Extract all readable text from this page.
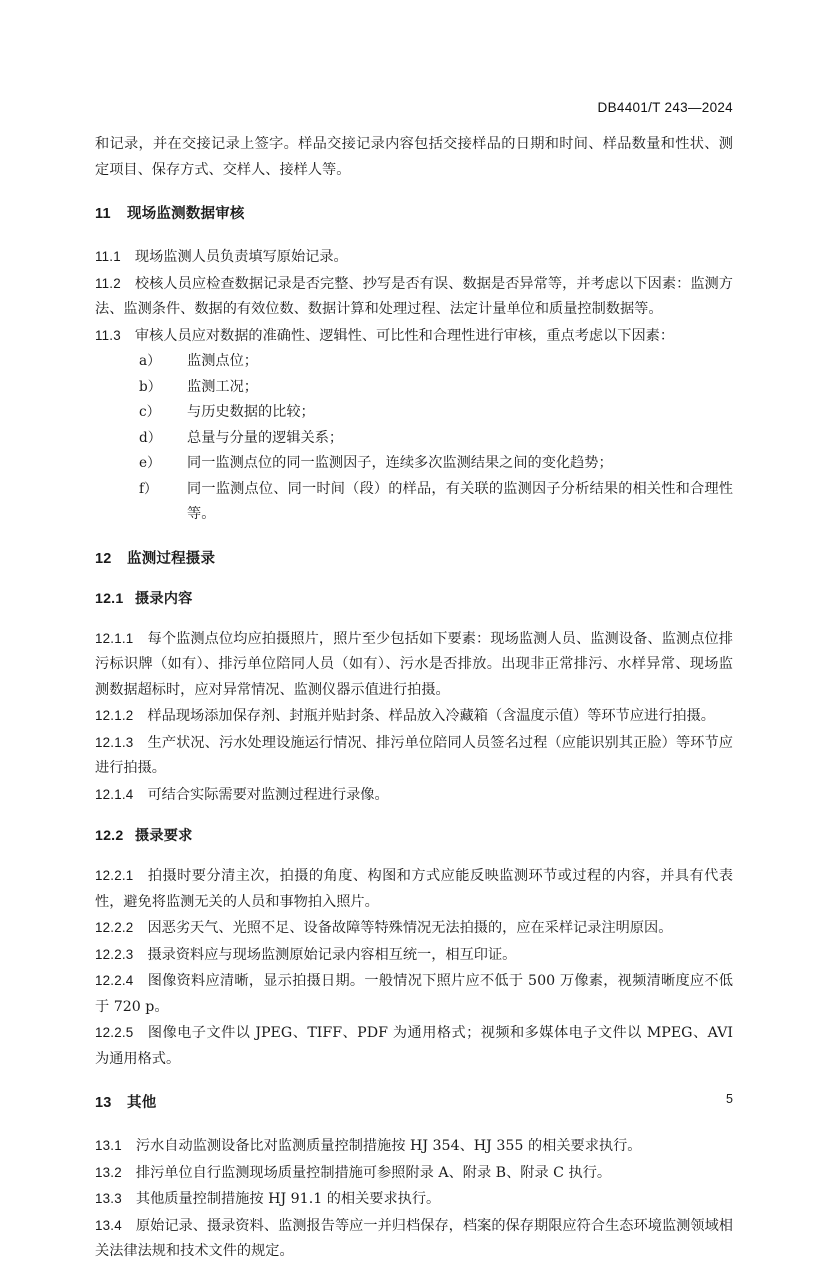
DB4401/T 243—2024

和记录，并在交接记录上签字。样品交接记录内容包括交接样品的日期和时间、样品数量和性状、测定项目、保存方式、交样人、接样人等。

11 现场监测数据审核

11.1 现场监测人员负责填写原始记录。

11.2 校核人员应检查数据记录是否完整、抄写是否有误、数据是否异常等，并考虑以下因素：监测方法、监测条件、数据的有效位数、数据计算和处理过程、法定计量单位和质量控制数据等。

11.3 审核人员应对数据的准确性、逻辑性、可比性和合理性进行审核，重点考虑以下因素：

a）	监测点位；
b）	监测工况；
c）	与历史数据的比较；
d）	总量与分量的逻辑关系；
e）	同一监测点位的同一监测因子，连续多次监测结果之间的变化趋势；
f）	同一监测点位、同一时间（段）的样品，有关联的监测因子分析结果的相关性和合理性等。
12 监测过程摄录
12.1 摄录内容

12.1.1 每个监测点位均应拍摄照片，照片至少包括如下要素：现场监测人员、监测设备、监测点位排污标识牌（如有）、排污单位陪同人员（如有）、污水是否排放。出现非正常排污、水样异常、现场监测数据超标时，应对异常情况、监测仪器示值进行拍摄。

12.1.2 样品现场添加保存剂、封瓶并贴封条、样品放入冷藏箱（含温度示值）等环节应进行拍摄。

12.1.3 生产状况、污水处理设施运行情况、排污单位陪同人员签名过程（应能识别其正脸）等环节应进行拍摄。

12.1.4 可结合实际需要对监测过程进行录像。

12.2 摄录要求

12.2.1 拍摄时要分清主次，拍摄的角度、构图和方式应能反映监测环节或过程的内容，并具有代表性，避免将监测无关的人员和事物拍入照片。

12.2.2 因恶劣天气、光照不足、设备故障等特殊情况无法拍摄的，应在采样记录注明原因。

12.2.3 摄录资料应与现场监测原始记录内容相互统一，相互印证。

12.2.4 图像资料应清晰，显示拍摄日期。一般情况下照片应不低于 500 万像素，视频清晰度应不低于 720 p。

12.2.5 图像电子文件以 JPEG、TIFF、PDF 为通用格式；视频和多媒体电子文件以 MPEG、AVI 为通用格式。

13 其他

13.1 污水自动监测设备比对监测质量控制措施按 HJ 354、HJ 355 的相关要求执行。

13.2 排污单位自行监测现场质量控制措施可参照附录 A、附录 B、附录 C 执行。

13.3 其他质量控制措施按 HJ 91.1 的相关要求执行。

13.4 原始记录、摄录资料、监测报告等应一并归档保存，档案的保存期限应符合生态环境监测领域相关法律法规和技术文件的规定。

5
